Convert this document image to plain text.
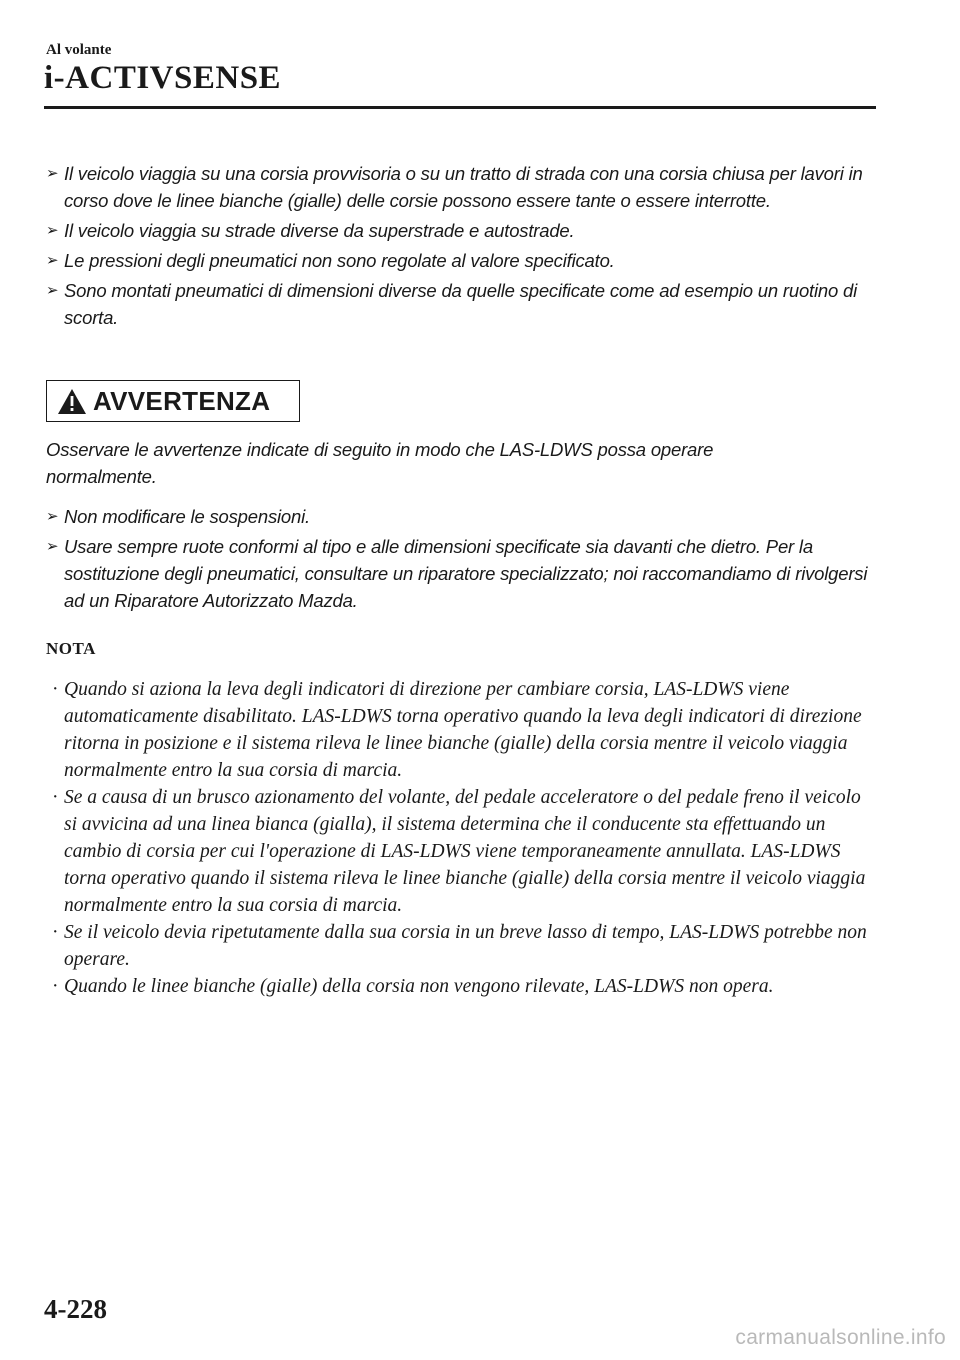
Al volante
i-ACTIVSENSE
➢ Il veicolo viaggia su una corsia provvisoria o su un tratto di strada con una corsia chiusa per lavori in corso dove le linee bianche (gialle) delle corsie possono essere tante o essere interrotte.
➢ Il veicolo viaggia su strade diverse da superstrade e autostrade.
➢ Le pressioni degli pneumatici non sono regolate al valore specificato.
➢ Sono montati pneumatici di dimensioni diverse da quelle specificate come ad esempio un ruotino di scorta.
AVVERTENZA
Osservare le avvertenze indicate di seguito in modo che LAS-LDWS possa operare normalmente.
➢ Non modificare le sospensioni.
➢ Usare sempre ruote conformi al tipo e alle dimensioni specificate sia davanti che dietro. Per la sostituzione degli pneumatici, consultare un riparatore specializzato; noi raccomandiamo di rivolgersi ad un Riparatore Autorizzato Mazda.
NOTA
· Quando si aziona la leva degli indicatori di direzione per cambiare corsia, LAS-LDWS viene automaticamente disabilitato. LAS-LDWS torna operativo quando la leva degli indicatori di direzione ritorna in posizione e il sistema rileva le linee bianche (gialle) della corsia mentre il veicolo viaggia normalmente entro la sua corsia di marcia.
· Se a causa di un brusco azionamento del volante, del pedale acceleratore o del pedale freno il veicolo si avvicina ad una linea bianca (gialla), il sistema determina che il conducente sta effettuando un cambio di corsia per cui l'operazione di LAS-LDWS viene temporaneamente annullata. LAS-LDWS torna operativo quando il sistema rileva le linee bianche (gialle) della corsia mentre il veicolo viaggia normalmente entro la sua corsia di marcia.
· Se il veicolo devia ripetutamente dalla sua corsia in un breve lasso di tempo, LAS-LDWS potrebbe non operare.
· Quando le linee bianche (gialle) della corsia non vengono rilevate, LAS-LDWS non opera.
4-228
carmanualsonline.info
